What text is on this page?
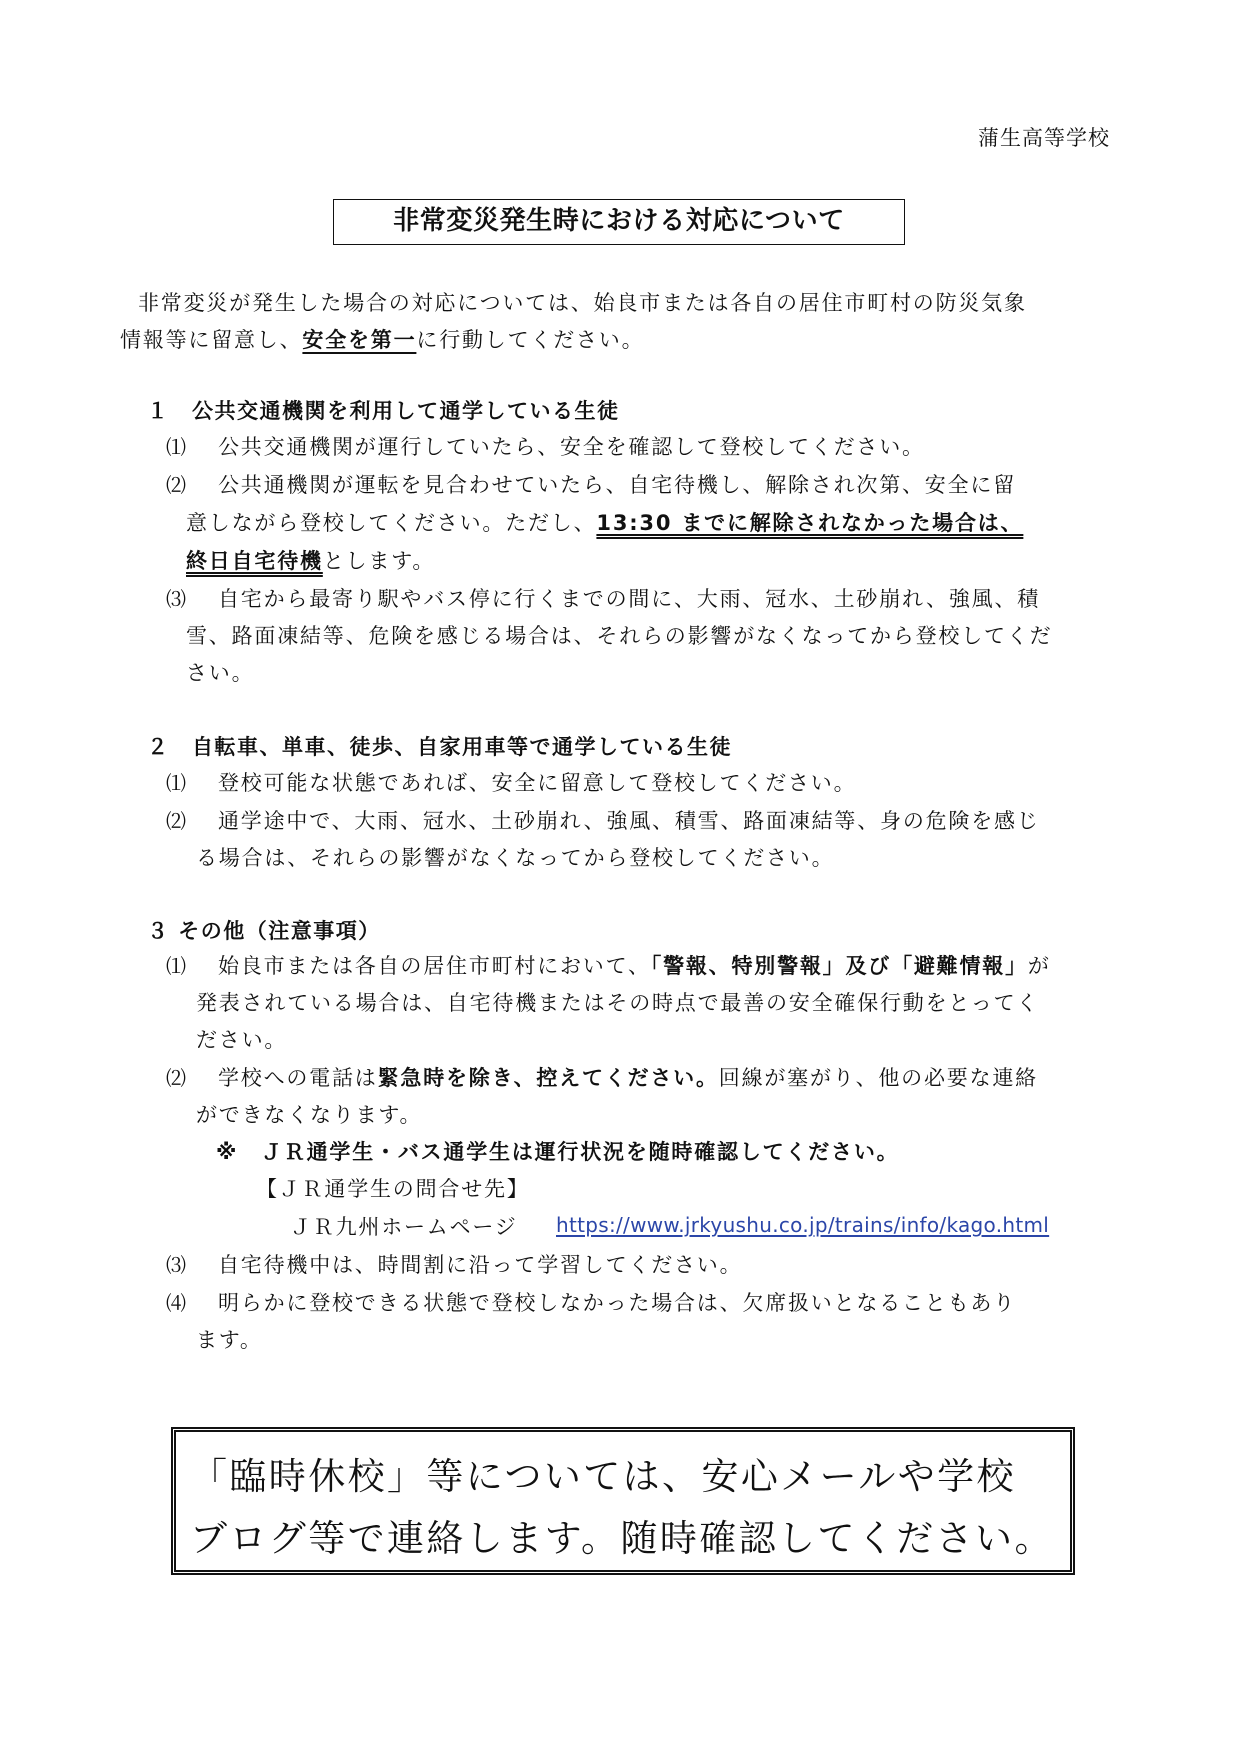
蒲生高等学校
非常変災発生時における対応について
非常変災が発生した場合の対応については、始良市または各自の居住市町村の防災気象
情報等に留意し、安全を第一に行動してください。
１　公共交通機関を利用して通学している生徒
⑴ 公共交通機関が運行していたら、安全を確認して登校してください。
⑵ 公共通機関が運転を見合わせていたら、自宅待機し、解除され次第、安全に留
意しながら登校してください。ただし、13:30 までに解除されなかった場合は、
終日自宅待機とします。
⑶ 自宅から最寄り駅やバス停に行くまでの間に、大雨、冠水、土砂崩れ、強風、積
雪、路面凍結等、危険を感じる場合は、それらの影響がなくなってから登校してくだ
さい。
２　自転車、単車、徒歩、自家用車等で通学している生徒
⑴ 登校可能な状態であれば、安全に留意して登校してください。
⑵ 通学途中で、大雨、冠水、土砂崩れ、強風、積雪、路面凍結等、身の危険を感じ
る場合は、それらの影響がなくなってから登校してください。
３ その他（注意事項）
⑴ 始良市または各自の居住市町村において、「警報、特別警報」及び「避難情報」が
発表されている場合は、自宅待機またはその時点で最善の安全確保行動をとってく
ださい。
⑵ 学校への電話は緊急時を除き、控えてください。回線が塞がり、他の必要な連絡
ができなくなります。
※　ＪＲ通学生・バス通学生は運行状況を随時確認してください。
【ＪＲ通学生の問合せ先】
ＪＲ九州ホームページ https://www.jrkyushu.co.jp/trains/info/kago.html
⑶ 自宅待機中は、時間割に沿って学習してください。
⑷ 明らかに登校できる状態で登校しなかった場合は、欠席扱いとなることもあり
ます。
「臨時休校」等については、安心メールや学校
ブログ等で連絡します。随時確認してください。
